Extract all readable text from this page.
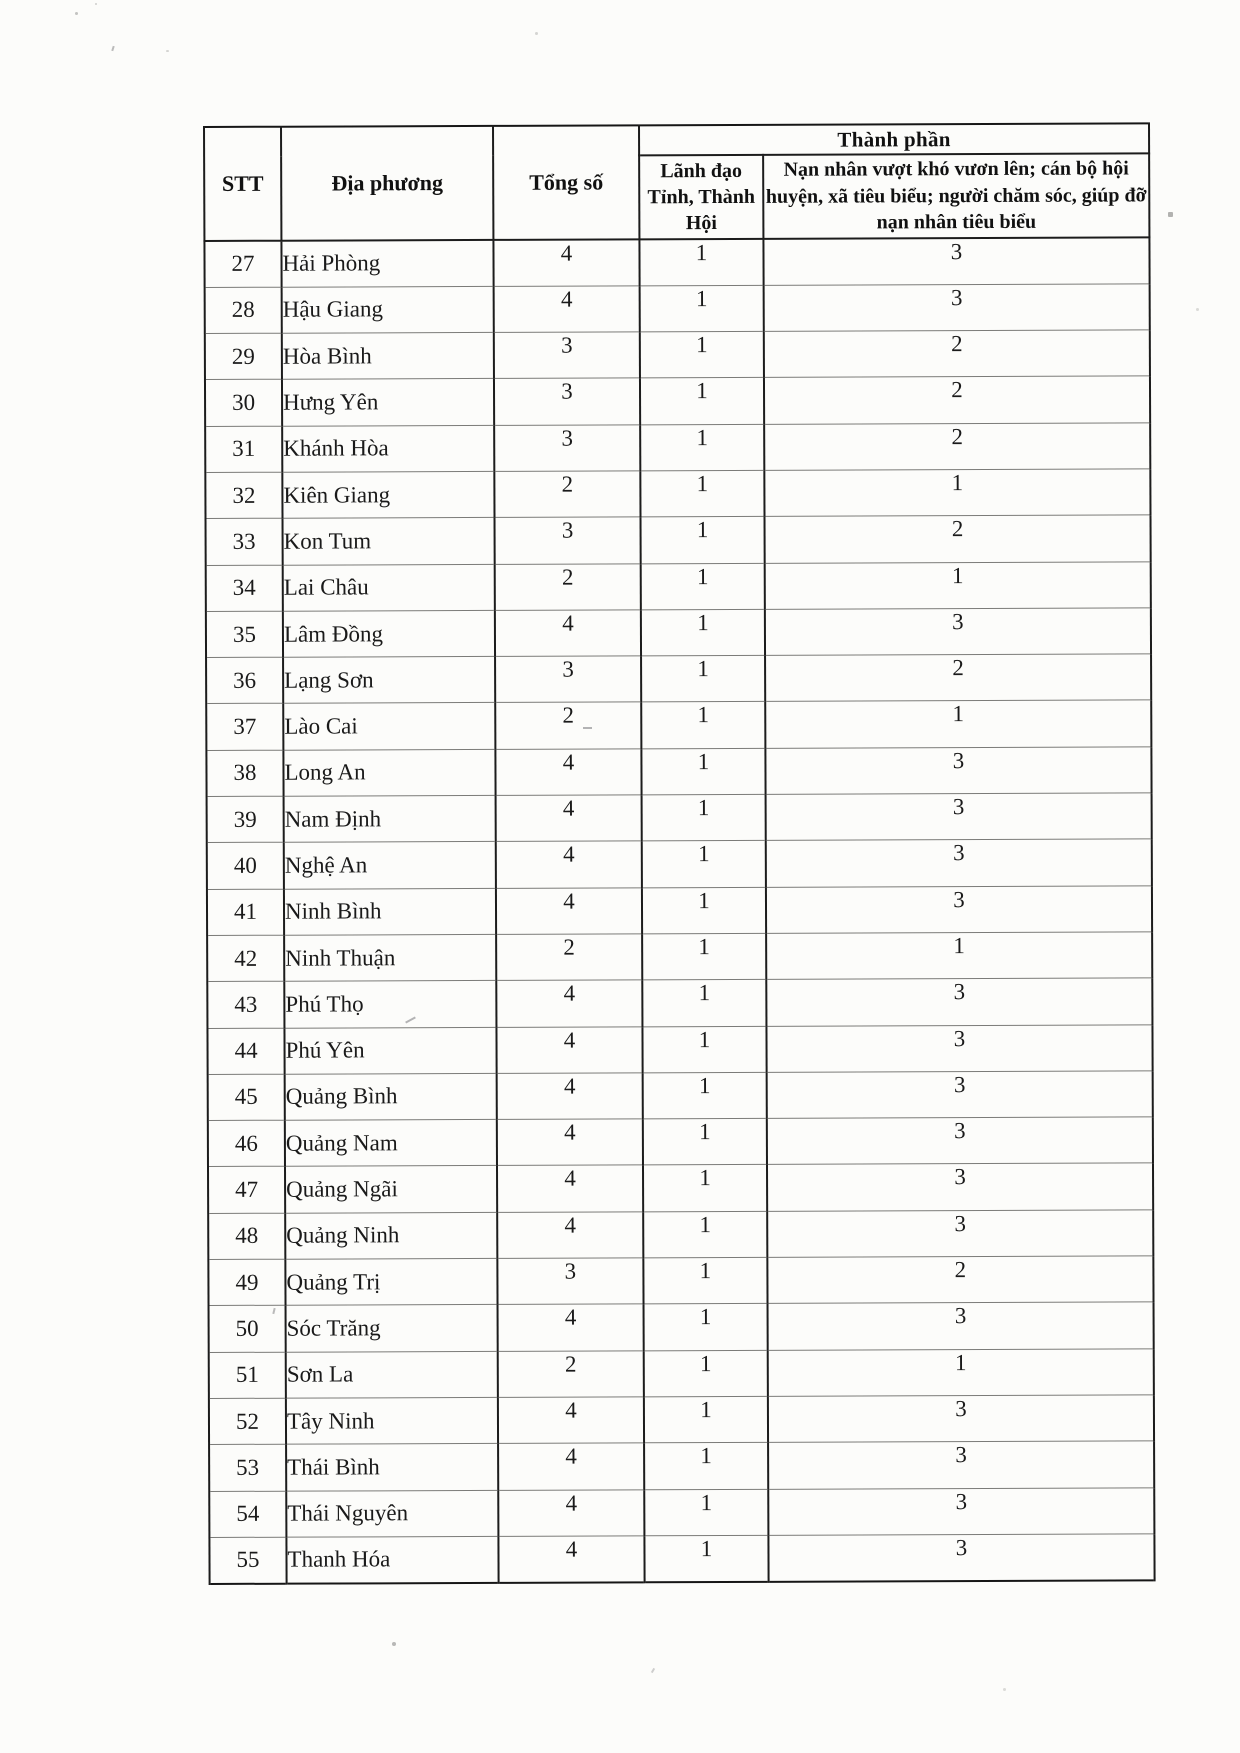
STT	Địa phương	Tổng số	Thành phần	
			Lãnh đạo Tỉnh, Thành Hội	Nạn nhân vượt khó vươn lên; cán bộ hội huyện, xã tiêu biểu; người chăm sóc, giúp đỡ nạn nhân tiêu biểu
27	Hải Phòng	4	1	3
28	Hậu Giang	4	1	3
29	Hòa Bình	3	1	2
30	Hưng Yên	3	1	2
31	Khánh Hòa	3	1	2
32	Kiên Giang	2	1	1
33	Kon Tum	3	1	2
34	Lai Châu	2	1	1
35	Lâm Đồng	4	1	3
36	Lạng Sơn	3	1	2
37	Lào Cai	2	1	1
38	Long An	4	1	3
39	Nam Định	4	1	3
40	Nghệ An	4	1	3
41	Ninh Bình	4	1	3
42	Ninh Thuận	2	1	1
43	Phú Thọ	4	1	3
44	Phú Yên	4	1	3
45	Quảng Bình	4	1	3
46	Quảng Nam	4	1	3
47	Quảng Ngãi	4	1	3
48	Quảng Ninh	4	1	3
49	Quảng Trị	3	1	2
50	Sóc Trăng	4	1	3
51	Sơn La	2	1	1
52	Tây Ninh	4	1	3
53	Thái Bình	4	1	3
54	Thái Nguyên	4	1	3
55	Thanh Hóa	4	1	3
